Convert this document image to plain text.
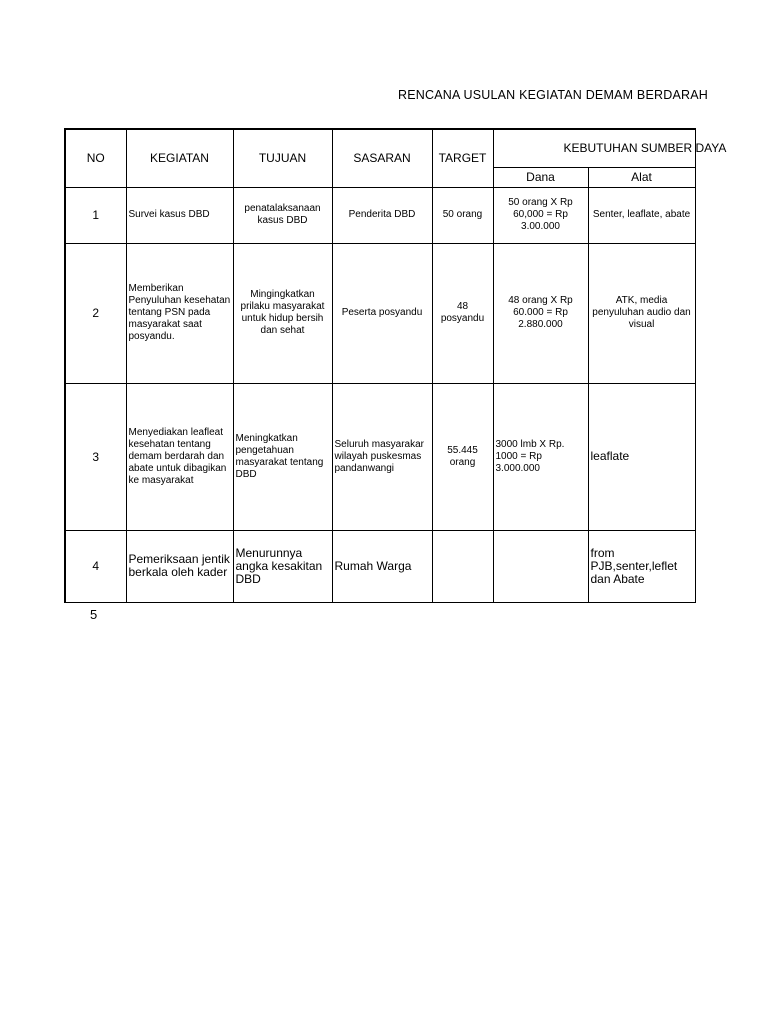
RENCANA USULAN KEGIATAN DEMAM BERDARAH
NO	KEGIATAN	TUJUAN	SASARAN	TARGET	KEBUTUHAN SUMBER DAYA	
					Dana	Alat
1	Survei kasus DBD	penatalaksanaan kasus DBD	Penderita DBD	50 orang	50 orang X Rp 60,000 = Rp 3.00.000	Senter, leaflate, abate
2	Memberikan Penyuluhan kesehatan tentang PSN pada masyarakat saat posyandu.	Mingingkatkan prilaku masyarakat untuk hidup bersih dan sehat	Peserta posyandu	48 posyandu	48 orang X Rp 60.000 = Rp 2.880.000	ATK, media penyuluhan audio dan visual
3	Menyediakan leafleat kesehatan tentang demam berdarah dan abate untuk dibagikan ke masyarakat	Meningkatkan pengetahuan masyarakat tentang DBD	Seluruh masyarakar wilayah puskesmas pandanwangi	55.445 orang	3000 lmb X Rp. 1000 = Rp 3.000.000	leaflate
4	Pemeriksaan jentik berkala oleh kader	Menurunnya angka kesakitan DBD	Rumah Warga			from PJB,senter,leflet dan Abate
5
